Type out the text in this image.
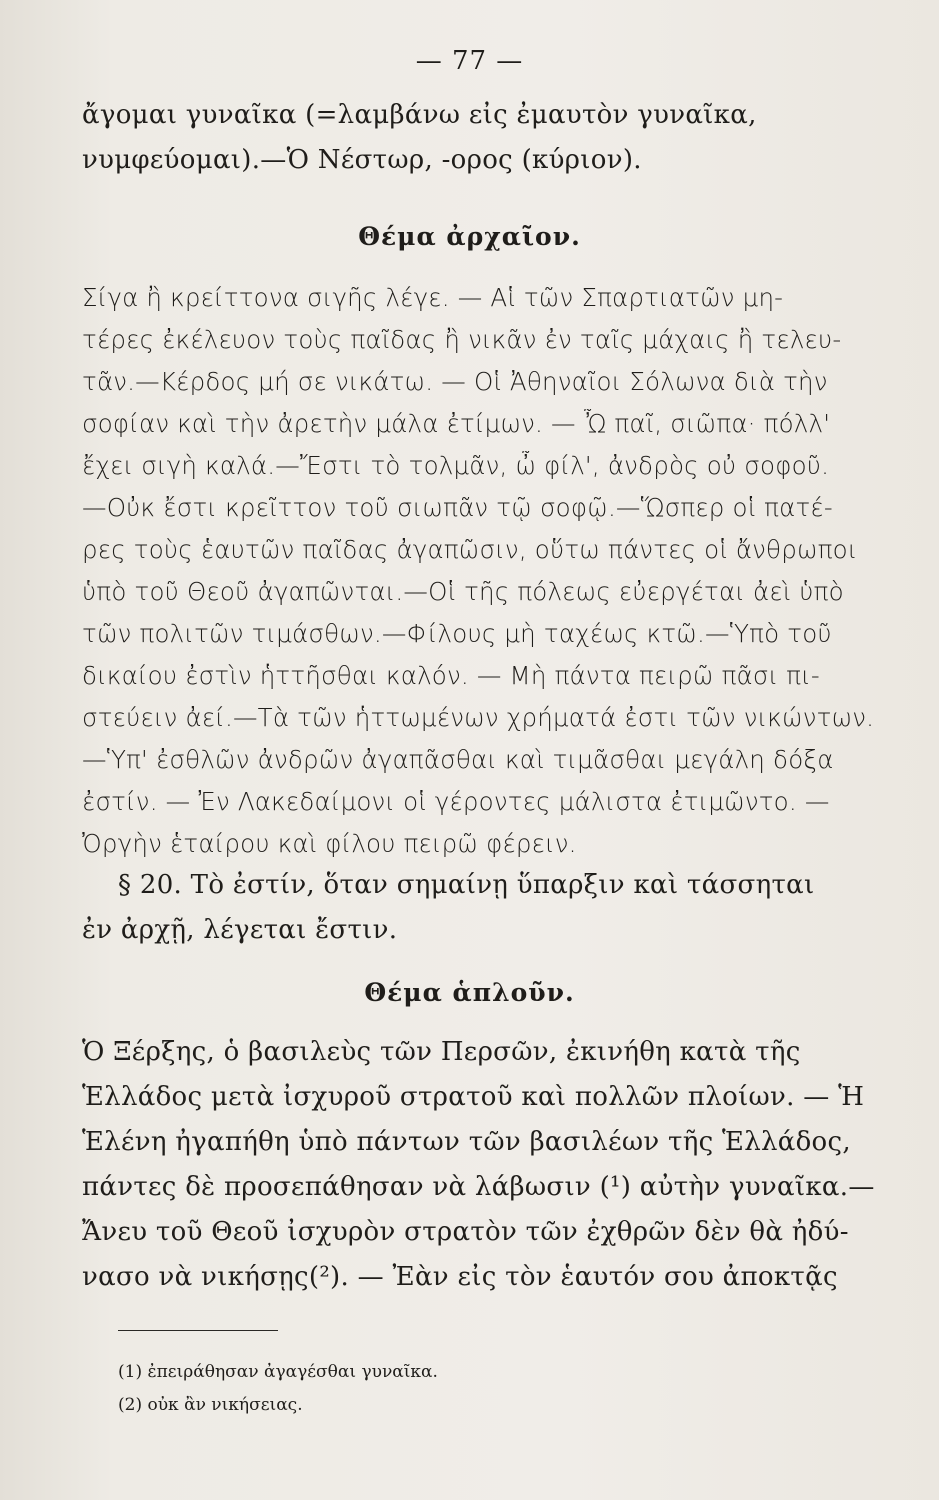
— 77 —
ἄγομαι γυναῖκα (=λαμβάνω εἰς ἐμαυτὸν γυναῖκα,
νυμφεύομαι).—Ὁ Νέστωρ, -ορος (κύριον).
Θέμα ἀρχαῖον.
Σίγα ἢ κρείττονα σιγῆς λέγε. — Αἱ τῶν Σπαρτιατῶν μη-
τέρες ἐκέλευον τοὺς παῖδας ἢ νικᾶν ἐν ταῖς μάχαις ἢ τελευ-
τᾶν.—Κέρδος μή σε νικάτω. — Οἱ Ἀθηναῖοι Σόλωνα διὰ τὴν
σοφίαν καὶ τὴν ἀρετὴν μάλα ἐτίμων. — Ὦ παῖ, σιῶπα· πόλλ'
ἔχει σιγὴ καλά.—Ἔστι τὸ τολμᾶν, ὦ φίλ', ἀνδρὸς οὐ σοφοῦ.
—Οὐκ ἔστι κρεῖττον τοῦ σιωπᾶν τῷ σοφῷ.—Ὥσπερ οἱ πατέ-
ρες τοὺς ἑαυτῶν παῖδας ἀγαπῶσιν, οὕτω πάντες οἱ ἄνθρωποι
ὑπὸ τοῦ Θεοῦ ἀγαπῶνται.—Οἱ τῆς πόλεως εὐεργέται ἀεὶ ὑπὸ
τῶν πολιτῶν τιμάσθων.—Φίλους μὴ ταχέως κτῶ.—Ὑπὸ τοῦ
δικαίου ἐστὶν ἡττῆσθαι καλόν. — Μὴ πάντα πειρῶ πᾶσι πι-
στεύειν ἀεί.—Τὰ τῶν ἡττωμένων χρήματά ἐστι τῶν νικώντων.
—Ὑπ' ἐσθλῶν ἀνδρῶν ἀγαπᾶσθαι καὶ τιμᾶσθαι μεγάλη δόξα
ἐστίν. — Ἐν Λακεδαίμονι οἱ γέροντες μάλιστα ἐτιμῶντο. —
Ὀργὴν ἑταίρου καὶ φίλου πειρῶ φέρειν.
§ 20. Τὸ ἐστίν, ὅταν σημαίνῃ ὕπαρξιν καὶ τάσσηται
ἐν ἀρχῇ, λέγεται ἔστιν.
Θέμα ἁπλοῦν.
Ὁ Ξέρξης, ὁ βασιλεὺς τῶν Περσῶν, ἐκινήθη κατὰ τῆς
Ἑλλάδος μετὰ ἰσχυροῦ στρατοῦ καὶ πολλῶν πλοίων. — Ἡ
Ἑλένη ἠγαπήθη ὑπὸ πάντων τῶν βασιλέων τῆς Ἑλλάδος,
πάντες δὲ προσεπάθησαν νὰ λάβωσιν (¹) αὐτὴν γυναῖκα.—
Ἄνευ τοῦ Θεοῦ ἰσχυρὸν στρατὸν τῶν ἐχθρῶν δὲν θὰ ἠδύ-
νασο νὰ νικήσῃς(²). — Ἐὰν εἰς τὸν ἑαυτόν σου ἀποκτᾷς
(1) ἐπειράθησαν ἀγαγέσθαι γυναῖκα.
(2) οὐκ ἂν νικήσειας.
